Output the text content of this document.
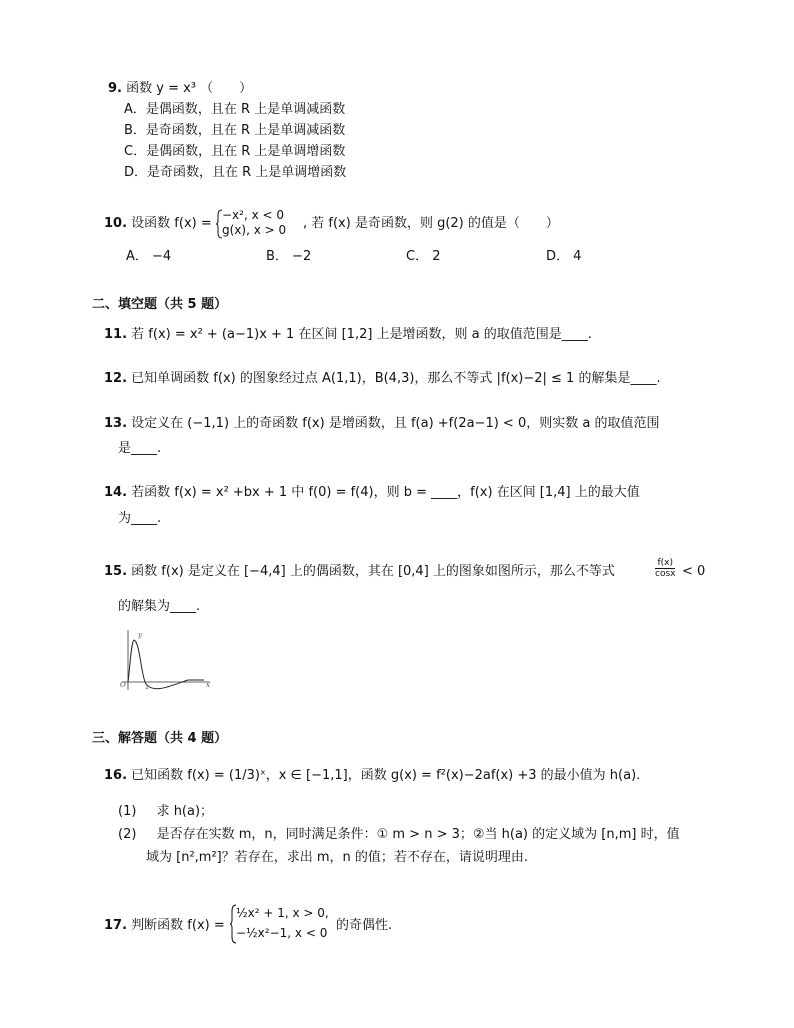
9. 函数 y = x³ （　　）
A．是偶函数，且在 R 上是单调减函数
B．是奇函数，且在 R 上是单调减函数
C．是偶函数，且在 R 上是单调增函数
D．是奇函数，且在 R 上是单调增函数
10. 设函数 f(x) =
−x², x < 0
g(x), x > 0 , 若 f(x) 是奇函数，则 g(2) 的值是（　　）
A． −4	B． −2	C． 2	D． 4
二、填空题（共 5 题）
11. 若 f(x) = x² + (a−1)x + 1 在区间 [1,2] 上是增函数，则 a 的取值范围是____.
12. 已知单调函数 f(x) 的图象经过点 A(1,1)，B(4,3)，那么不等式 |f(x)−2| ≤ 1 的解集是____.
13. 设定义在 (−1,1) 上的奇函数 f(x) 是增函数，且 f(a) +f(2a−1) < 0，则实数 a 的取值范围
是____.
14. 若函数 f(x) = x² +bx + 1 中 f(0) = f(4)，则 b = ____，f(x) 在区间 [1,4] 上的最大值
为____.
15. 函数 f(x) 是定义在 [−4,4] 上的偶函数，其在 [0,4] 上的图象如图所示，那么不等式	$\frac{f(x)}{\cos x} < 0$
的解集为____.
y
O	1	x
三、解答题（共 4 题）
16. 已知函数 f(x) = (1/3)ˣ，x ∈ [−1,1]，函数 g(x) = f²(x)−2af(x) +3 的最小值为 h(a).
(1) 求 h(a)；
(2) 是否存在实数 m，n，同时满足条件：① m > n > 3；②当 h(a) 的定义域为 [n,m] 时，值
域为 [n²,m²]？若存在，求出 m，n 的值；若不存在，请说明理由.
17. 判断函数 f(x) =
½x² + 1, x > 0,
−½x²−1, x < 0 的奇偶性.
